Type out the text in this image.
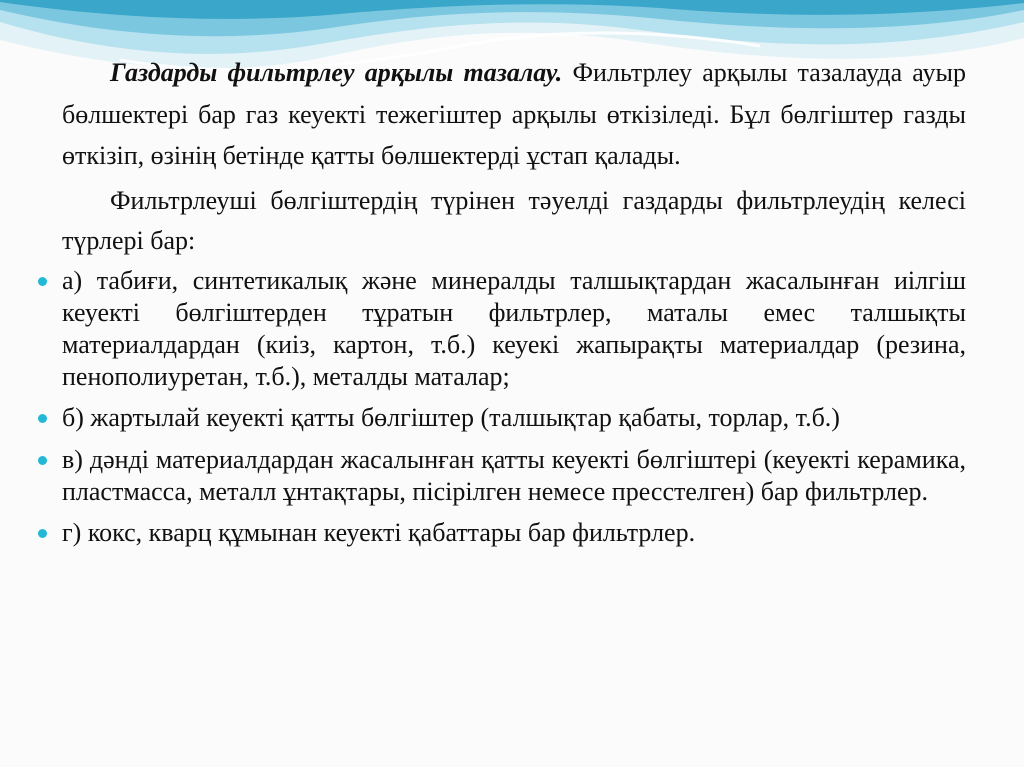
Газдарды фильтрлеу арқылы тазалау. Фильтрлеу арқылы тазалауда ауыр бөлшектері бар газ кеуекті тежегіштер арқылы өткізіледі. Бұл бөлгіштер газды өткізіп, өзінің бетінде қатты бөлшектерді ұстап қалады.

Фильтрлеуші бөлгіштердің түрінен тәуелді газдарды фильтрлеудің келесі түрлері бар:

а) табиғи, синтетикалық және минералды талшықтардан жасалынған иілгіш кеуекті бөлгіштерден тұратын фильтрлер, маталы емес талшықты материалдардан (киіз, картон, т.б.) кеуекі жапырақты материалдар (резина, пенополиуретан, т.б.), металды маталар;
б) жартылай кеуекті қатты бөлгіштер (талшықтар қабаты, торлар, т.б.)
в) дәнді материалдардан жасалынған қатты кеуекті бөлгіштері (кеуекті керамика, пластмасса, металл ұнтақтары, пісірілген немесе пресстелген) бар фильтрлер.
г) кокс, кварц құмынан кеуекті қабаттары бар фильтрлер.
